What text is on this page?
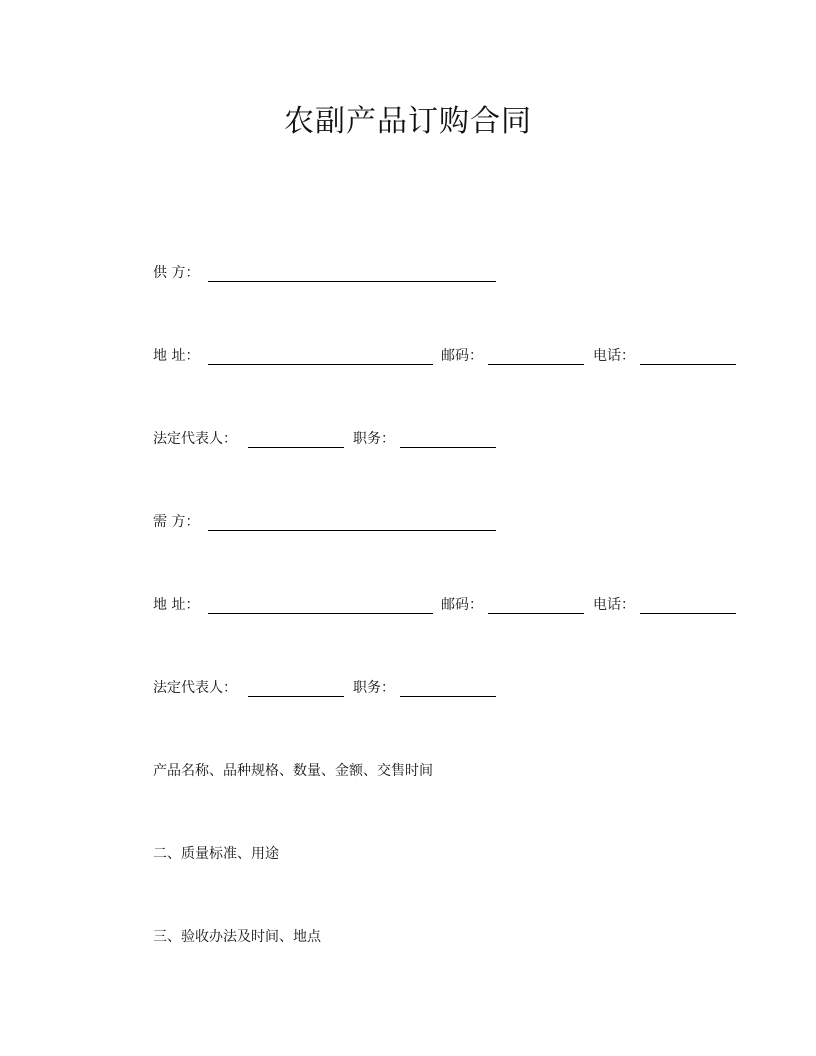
农副产品订购合同
供 方：
地 址：	邮码：	电话：
法定代表人：	职务：
需 方：
地 址：	邮码：	电话：
法定代表人：	职务：
产品名称、品种规格、数量、金额、交售时间
二、质量标准、用途
三、验收办法及时间、地点
